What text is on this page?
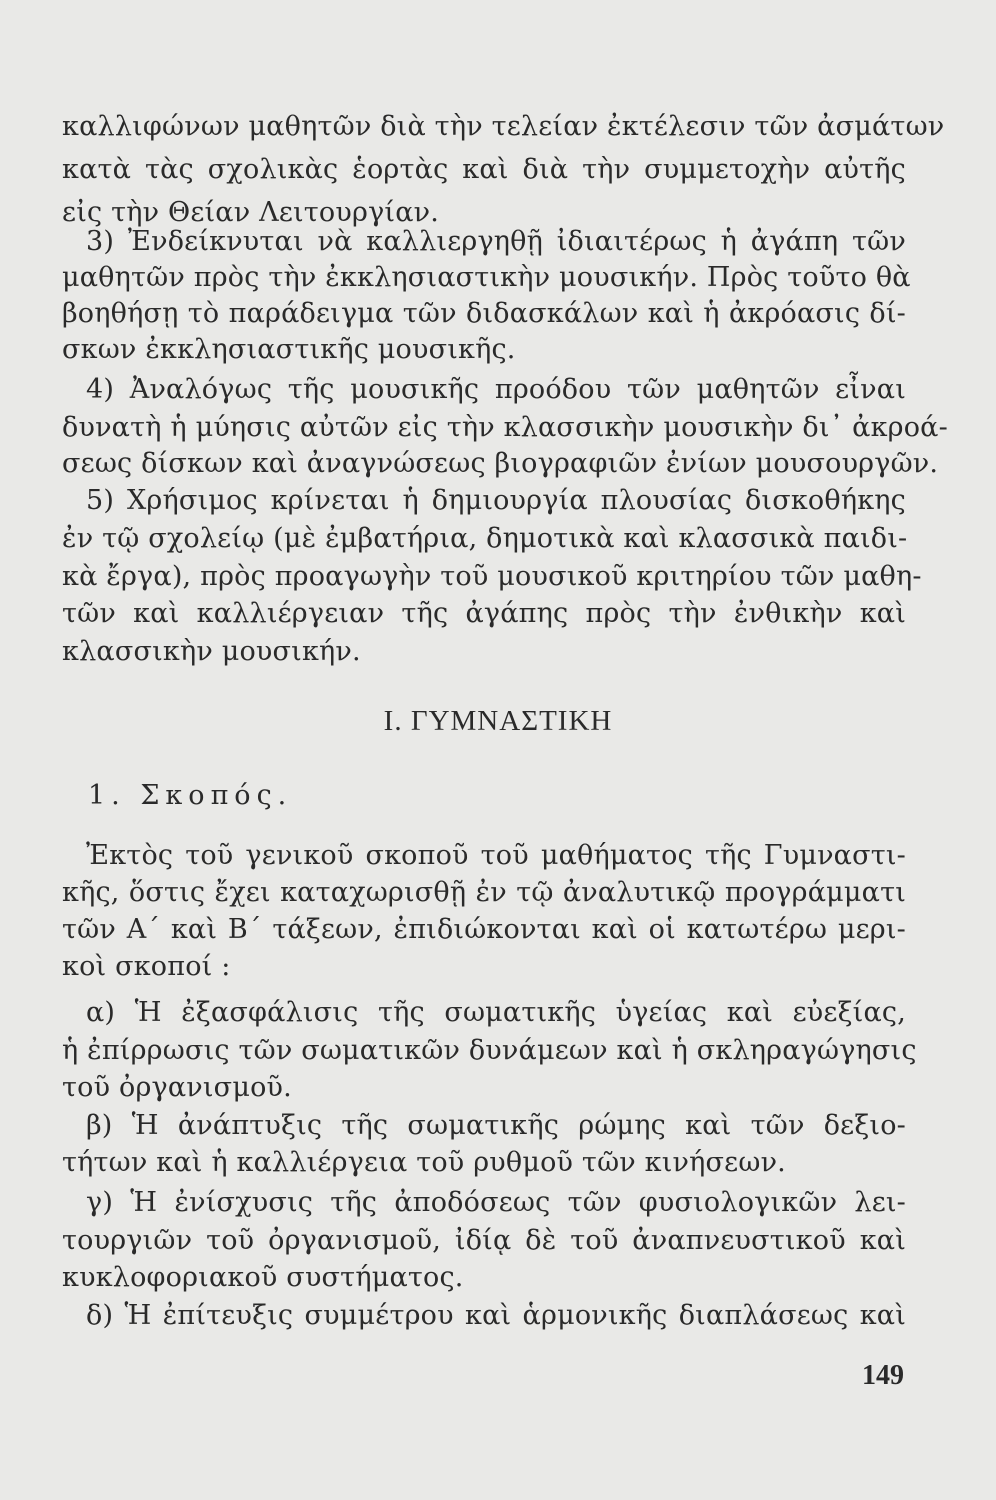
καλλιφώνων μαθητῶν διὰ τὴν τελείαν ἐκτέλεσιν τῶν ἀσμάτων
κατὰ τὰς σχολικὰς ἑορτὰς καὶ διὰ τὴν συμμετοχὴν αὐτῆς
εἰς τὴν Θείαν Λειτουργίαν.
3) Ἐνδείκνυται νὰ καλλιεργηθῇ ἰδιαιτέρως ἡ ἀγάπη τῶν
μαθητῶν πρὸς τὴν ἐκκλησιαστικὴν μουσικήν. Πρὸς τοῦτο θὰ
βοηθήσῃ τὸ παράδειγμα τῶν διδασκάλων καὶ ἡ ἀκρόασις δί-
σκων ἐκκλησιαστικῆς μουσικῆς.
4) Ἀναλόγως τῆς μουσικῆς προόδου τῶν μαθητῶν εἶναι
δυνατὴ ἡ μύησις αὐτῶν εἰς τὴν κλασσικὴν μουσικὴν δι᾽ ἀκροά-
σεως δίσκων καὶ ἀναγνώσεως βιογραφιῶν ἐνίων μουσουργῶν.
5) Χρήσιμος κρίνεται ἡ δημιουργία πλουσίας δισκοθήκης
ἐν τῷ σχολείῳ (μὲ ἐμβατήρια, δημοτικὰ καὶ κλασσικὰ παιδι-
κὰ ἔργα), πρὸς προαγωγὴν τοῦ μουσικοῦ κριτηρίου τῶν μαθη-
τῶν καὶ καλλιέργειαν τῆς ἀγάπης πρὸς τὴν ἐνθικὴν καὶ
κλασσικὴν μουσικήν.
I. ΓΥΜΝΑΣΤΙΚΗ
1. Σκοπός.
Ἐκτὸς τοῦ γενικοῦ σκοποῦ τοῦ μαθήματος τῆς Γυμναστι-
κῆς, ὅστις ἔχει καταχωρισθῇ ἐν τῷ ἀναλυτικῷ προγράμματι
τῶν Α΄ καὶ Β΄ τάξεων, ἐπιδιώκονται καὶ οἱ κατωτέρω μερι-
κοὶ σκοποί :
α) Ἡ ἐξασφάλισις τῆς σωματικῆς ὑγείας καὶ εὐεξίας,
ἡ ἐπίρρωσις τῶν σωματικῶν δυνάμεων καὶ ἡ σκληραγώγησις
τοῦ ὀργανισμοῦ.
β) Ἡ ἀνάπτυξις τῆς σωματικῆς ρώμης καὶ τῶν δεξιο-
τήτων καὶ ἡ καλλιέργεια τοῦ ρυθμοῦ τῶν κινήσεων.
γ) Ἡ ἐνίσχυσις τῆς ἀποδόσεως τῶν φυσιολογικῶν λει-
τουργιῶν τοῦ ὀργανισμοῦ, ἰδίᾳ δὲ τοῦ ἀναπνευστικοῦ καὶ
κυκλοφοριακοῦ συστήματος.
δ) Ἡ ἐπίτευξις συμμέτρου καὶ ἁρμονικῆς διαπλάσεως καὶ
149
